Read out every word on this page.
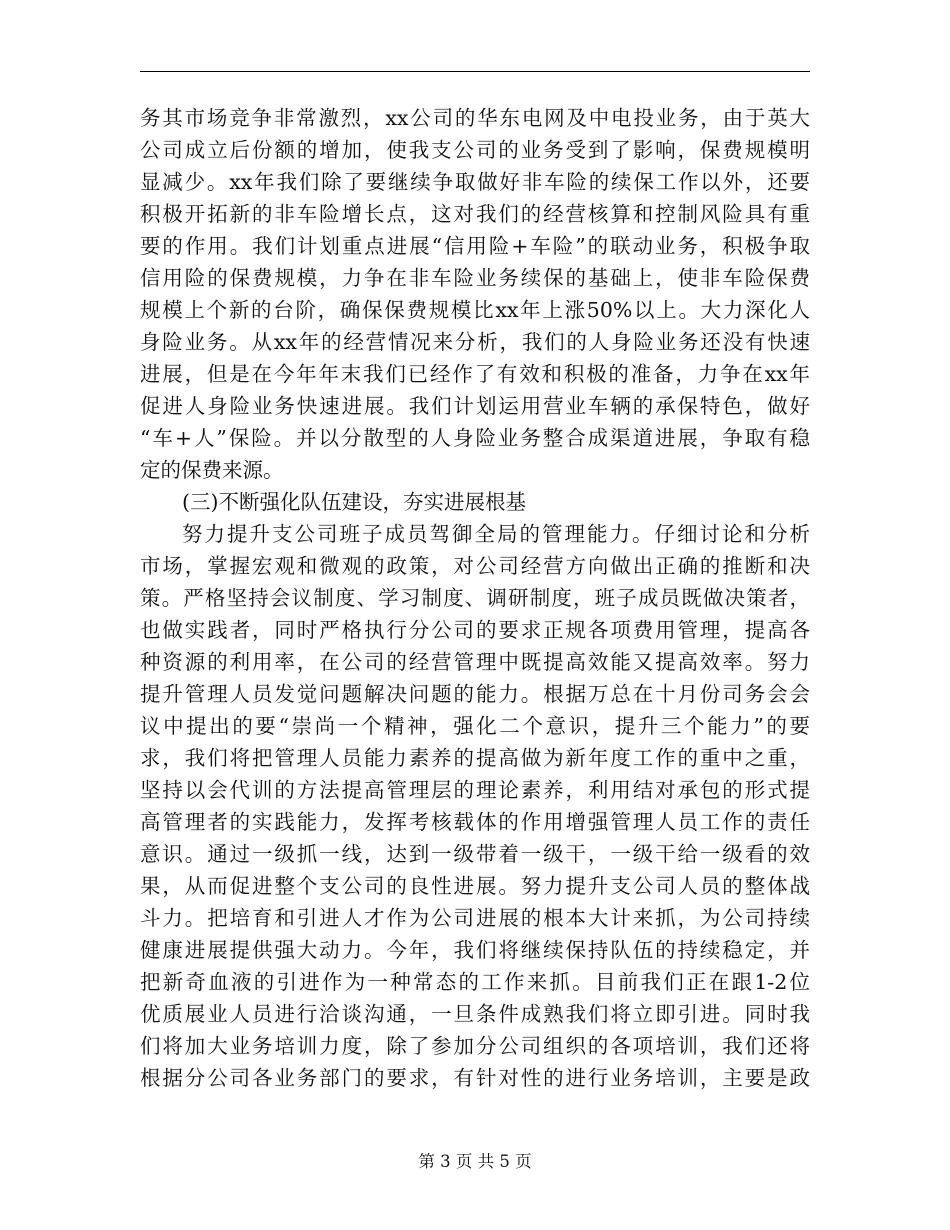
务其市场竞争非常激烈，xx公司的华东电网及中电投业务，由于英大
公司成立后份额的增加，使我支公司的业务受到了影响，保费规模明
显减少。xx年我们除了要继续争取做好非车险的续保工作以外，还要
积极开拓新的非车险增长点，这对我们的经营核算和控制风险具有重
要的作用。我们计划重点进展“信用险+车险”的联动业务，积极争取
信用险的保费规模，力争在非车险业务续保的基础上，使非车险保费
规模上个新的台阶，确保保费规模比xx年上涨50%以上。大力深化人
身险业务。从xx年的经营情况来分析，我们的人身险业务还没有快速
进展，但是在今年年末我们已经作了有效和积极的准备，力争在xx年
促进人身险业务快速进展。我们计划运用营业车辆的承保特色，做好
“车+人”保险。并以分散型的人身险业务整合成渠道进展，争取有稳
定的保费来源。
(三)不断强化队伍建设，夯实进展根基
努力提升支公司班子成员驾御全局的管理能力。仔细讨论和分析
市场，掌握宏观和微观的政策，对公司经营方向做出正确的推断和决
策。严格坚持会议制度、学习制度、调研制度，班子成员既做决策者，
也做实践者，同时严格执行分公司的要求正规各项费用管理，提高各
种资源的利用率，在公司的经营管理中既提高效能又提高效率。努力
提升管理人员发觉问题解决问题的能力。根据万总在十月份司务会会
议中提出的要“崇尚一个精神，强化二个意识，提升三个能力”的要
求，我们将把管理人员能力素养的提高做为新年度工作的重中之重，
坚持以会代训的方法提高管理层的理论素养，利用结对承包的形式提
高管理者的实践能力，发挥考核载体的作用增强管理人员工作的责任
意识。通过一级抓一线，达到一级带着一级干，一级干给一级看的效
果，从而促进整个支公司的良性进展。努力提升支公司人员的整体战
斗力。把培育和引进人才作为公司进展的根本大计来抓，为公司持续
健康进展提供强大动力。今年，我们将继续保持队伍的持续稳定，并
把新奇血液的引进作为一种常态的工作来抓。目前我们正在跟1-2位
优质展业人员进行洽谈沟通，一旦条件成熟我们将立即引进。同时我
们将加大业务培训力度，除了参加分公司组织的各项培训，我们还将
根据分公司各业务部门的要求，有针对性的进行业务培训，主要是政
第 3 页 共 5 页
